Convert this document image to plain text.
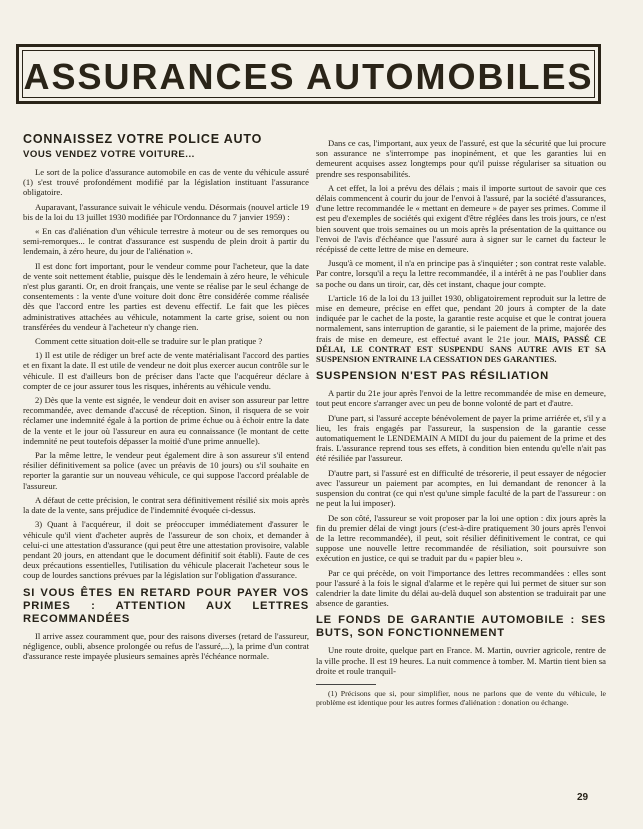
ASSURANCES AUTOMOBILES
CONNAISSEZ VOTRE POLICE AUTO
VOUS VENDEZ VOTRE VOITURE...

Le sort de la police d'assurance automobile en cas de vente du véhicule assuré (1) s'est trouvé profondément modifié par la législation instituant l'assurance obligatoire.

Auparavant, l'assurance suivait le véhicule vendu. Désormais (nouvel article 19 bis de la loi du 13 juillet 1930 modifiée par l'Ordonnance du 7 janvier 1959) :

« En cas d'aliénation d'un véhicule terrestre à moteur ou de ses remorques ou semi-remorques... le contrat d'assurance est suspendu de plein droit à partir du lendemain, à zéro heure, du jour de l'aliénation ».

Il est donc fort important, pour le vendeur comme pour l'acheteur, que la date de vente soit nettement établie, puisque dès le lendemain à zéro heure, le véhicule n'est plus garanti. Or, en droit français, une vente se réalise par le seul échange de consentements : la vente d'une voiture doit donc être considérée comme réalisée dès que l'accord entre les parties est devenu effectif. Le fait que les pièces administratives attachées au véhicule, notamment la carte grise, soient ou non transférées du vendeur à l'acheteur n'y change rien.

Comment cette situation doit-elle se traduire sur le plan pratique ?

1) Il est utile de rédiger un bref acte de vente matérialisant l'accord des parties et en fixant la date. Il est utile de vendeur ne doit plus exercer aucun contrôle sur le véhicule. Il est d'ailleurs bon de préciser dans l'acte que l'acquéreur déclare à compter de ce jour assurer tous les risques, inhérents au véhicule vendu.

2) Dès que la vente est signée, le vendeur doit en aviser son assureur par lettre recommandée, avec demande d'accusé de réception. Sinon, il risquera de se voir réclamer une indemnité égale à la portion de prime échue ou à échoir entre la date de la vente et le jour où l'assureur en aura eu connaissance (le montant de cette indemnité ne peut toutefois dépasser la moitié d'une prime annuelle).

Par la même lettre, le vendeur peut également dire à son assureur s'il entend résilier définitivement sa police (avec un préavis de 10 jours) ou s'il souhaite en reporter la garantie sur un nouveau véhicule, ce qui suppose l'accord préalable de l'assureur.

A défaut de cette précision, le contrat sera définitivement résilié six mois après la date de la vente, sans préjudice de l'indemnité évoquée ci-dessus.

3) Quant à l'acquéreur, il doit se préoccuper immédiatement d'assurer le véhicule qu'il vient d'acheter auprès de l'assureur de son choix, et demander à celui-ci une attestation d'assurance (qui peut être une attestation provisoire, valable pendant 20 jours, en attendant que le document définitif soit établi). Faute de ces deux précautions essentielles, l'utilisation du véhicule placerait l'acheteur sous le coup de lourdes sanctions prévues par la législation sur l'obligation d'assurance.

SI VOUS ÊTES EN RETARD POUR PAYER VOS PRIMES : ATTENTION AUX LETTRES RECOMMANDÉES

Il arrive assez couramment que, pour des raisons diverses (retard de l'assureur, négligence, oubli, absence prolongée ou refus de l'assuré,...), la prime d'un contrat d'assurance reste impayée plusieurs semaines après l'échéance normale.

Dans ce cas, l'important, aux yeux de l'assuré, est que la sécurité que lui procure son assurance ne s'interrompe pas inopinément, et que les garanties lui en demeurent acquises assez longtemps pour qu'il puisse régulariser sa situation ou prendre ses responsabilités.

A cet effet, la loi a prévu des délais ; mais il importe surtout de savoir que ces délais commencent à courir du jour de l'envoi à l'assuré, par la société d'assurances, d'une lettre recommandée le « mettant en demeure » de payer ses primes. Comme il est peu d'exemples de sociétés qui exigent d'être réglées dans les trois jours, ce n'est bien souvent que trois semaines ou un mois après la présentation de la quittance ou l'envoi de l'avis d'échéance que l'assuré aura à signer sur le carnet du facteur le récépissé de cette lettre de mise en demeure.

Jusqu'à ce moment, il n'a en principe pas à s'inquiéter ; son contrat reste valable. Par contre, lorsqu'il a reçu la lettre recommandée, il a intérêt à ne pas l'oublier dans sa poche ou dans un tiroir, car, dès cet instant, chaque jour compte.

L'article 16 de la loi du 13 juillet 1930, obligatoirement reproduit sur la lettre de mise en demeure, précise en effet que, pendant 20 jours à compter de la date indiquée par le cachet de la poste, la garantie reste acquise et que le contrat jouera normalement, sans interruption de garantie, si le paiement de la prime, majorée des frais de mise en demeure, est effectué avant le 21e jour. MAIS, PASSÉ CE DÉLAI, LE CONTRAT EST SUSPENDU SANS AUTRE AVIS ET SA SUSPENSION ENTRAINE LA CESSATION DES GARANTIES.

SUSPENSION N'EST PAS RÉSILIATION

A partir du 21e jour après l'envoi de la lettre recommandée de mise en demeure, tout peut encore s'arranger avec un peu de bonne volonté de part et d'autre.

D'une part, si l'assuré accepte bénévolement de payer la prime arriérée et, s'il y a lieu, les frais engagés par l'assureur, la suspension de la garantie cesse automatiquement le LENDEMAIN A MIDI du jour du paiement de la prime et des frais. L'assurance reprend tous ses effets, à condition bien entendu qu'elle n'ait pas été résiliée par l'assureur.

D'autre part, si l'assuré est en difficulté de trésorerie, il peut essayer de négocier avec l'assureur un paiement par acomptes, en lui demandant de renoncer à la suspension du contrat (ce qui n'est qu'une simple faculté de la part de l'assureur : on ne peut la lui imposer).

De son côté, l'assureur se voit proposer par la loi une option : dix jours après la fin du premier délai de vingt jours (c'est-à-dire pratiquement 30 jours après l'envoi de la lettre recommandée), il peut, soit résilier définitivement le contrat, ce qui suppose une nouvelle lettre recommandée de résiliation, soit poursuivre son exécution en justice, ce qui se traduit par du « papier bleu ».

Par ce qui précède, on voit l'importance des lettres recommandées : elles sont pour l'assuré à la fois le signal d'alarme et le repère qui lui permet de situer sur son calendrier la date limite du délai au-delà duquel son abstention se traduirait par une absence de garanties.

LE FONDS DE GARANTIE AUTOMOBILE : SES BUTS, SON FONCTIONNEMENT

Une route droite, quelque part en France. M. Martin, ouvrier agricole, rentre de la ville proche. Il est 19 heures. La nuit commence à tomber. M. Martin tient bien sa droite et roule tranquil-

(1) Précisons que si, pour simplifier, nous ne parlons que de vente du véhicule, le problème est identique pour les autres formes d'aliénation : donation ou échange.

29
